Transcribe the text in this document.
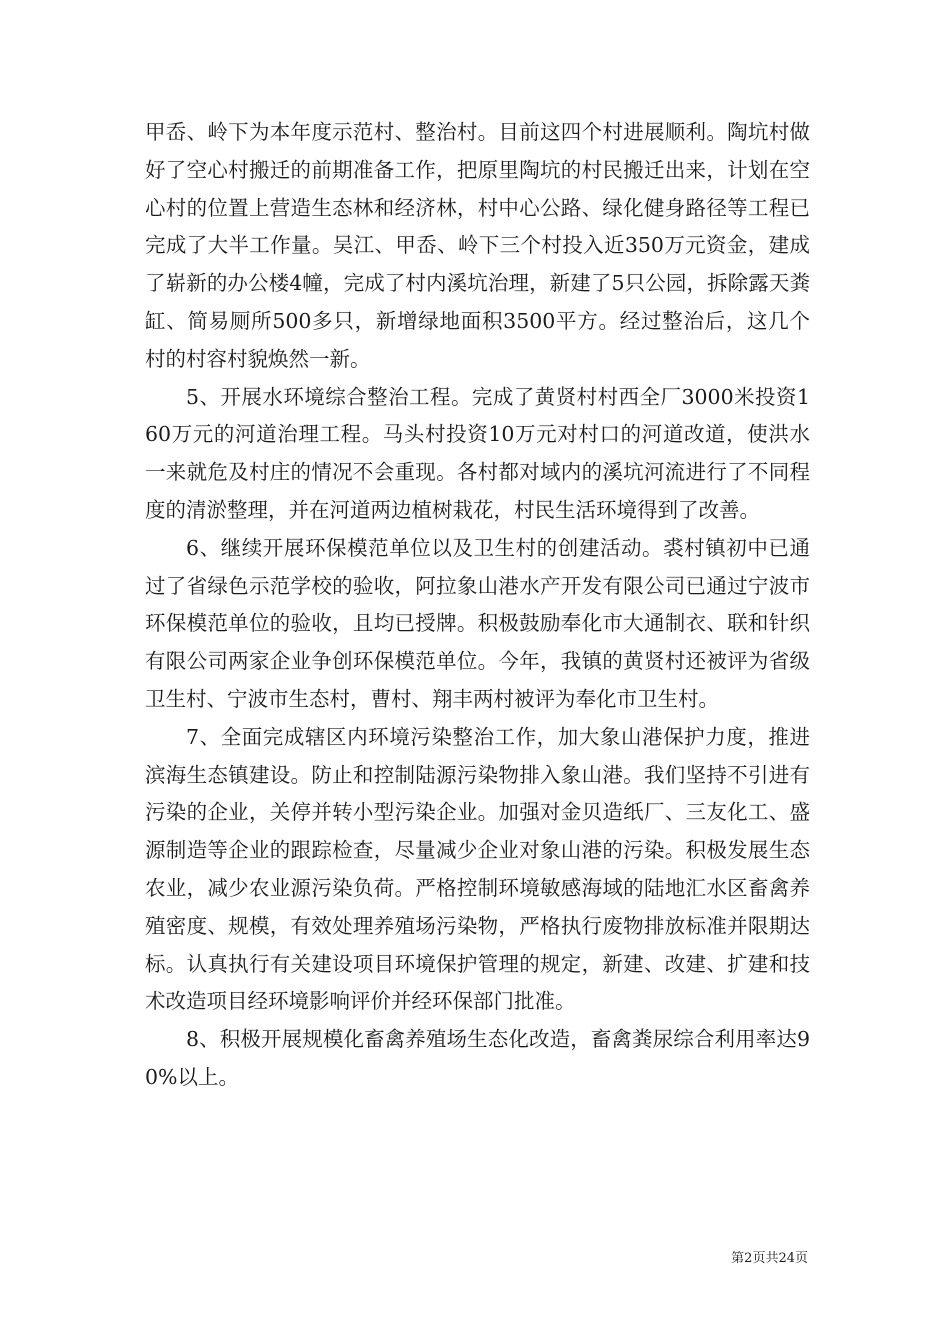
甲岙、岭下为本年度示范村、整治村。目前这四个村进展顺利。陶坑村做好了空心村搬迁的前期准备工作，把原里陶坑的村民搬迁出来，计划在空心村的位置上营造生态林和经济林，村中心公路、绿化健身路径等工程已完成了大半工作量。吴江、甲岙、岭下三个村投入近350万元资金，建成了崭新的办公楼4幢，完成了村内溪坑治理，新建了5只公园，拆除露天粪缸、简易厕所500多只，新增绿地面积3500平方。经过整治后，这几个村的村容村貌焕然一新。

5、开展水环境综合整治工程。完成了黄贤村村西全厂3000米投资160万元的河道治理工程。马头村投资10万元对村口的河道改道，使洪水一来就危及村庄的情况不会重现。各村都对域内的溪坑河流进行了不同程度的清淤整理，并在河道两边植树栽花，村民生活环境得到了改善。

6、继续开展环保模范单位以及卫生村的创建活动。裘村镇初中已通过了省绿色示范学校的验收，阿拉象山港水产开发有限公司已通过宁波市环保模范单位的验收，且均已授牌。积极鼓励奉化市大通制衣、联和针织有限公司两家企业争创环保模范单位。今年，我镇的黄贤村还被评为省级卫生村、宁波市生态村，曹村、翔丰两村被评为奉化市卫生村。

7、全面完成辖区内环境污染整治工作，加大象山港保护力度，推进滨海生态镇建设。防止和控制陆源污染物排入象山港。我们坚持不引进有污染的企业，关停并转小型污染企业。加强对金贝造纸厂、三友化工、盛源制造等企业的跟踪检查，尽量减少企业对象山港的污染。积极发展生态农业，减少农业源污染负荷。严格控制环境敏感海域的陆地汇水区畜禽养殖密度、规模，有效处理养殖场污染物，严格执行废物排放标准并限期达标。认真执行有关建设项目环境保护管理的规定，新建、改建、扩建和技术改造项目经环境影响评价并经环保部门批准。

8、积极开展规模化畜禽养殖场生态化改造，畜禽粪尿综合利用率达90%以上。

第2页共24页
